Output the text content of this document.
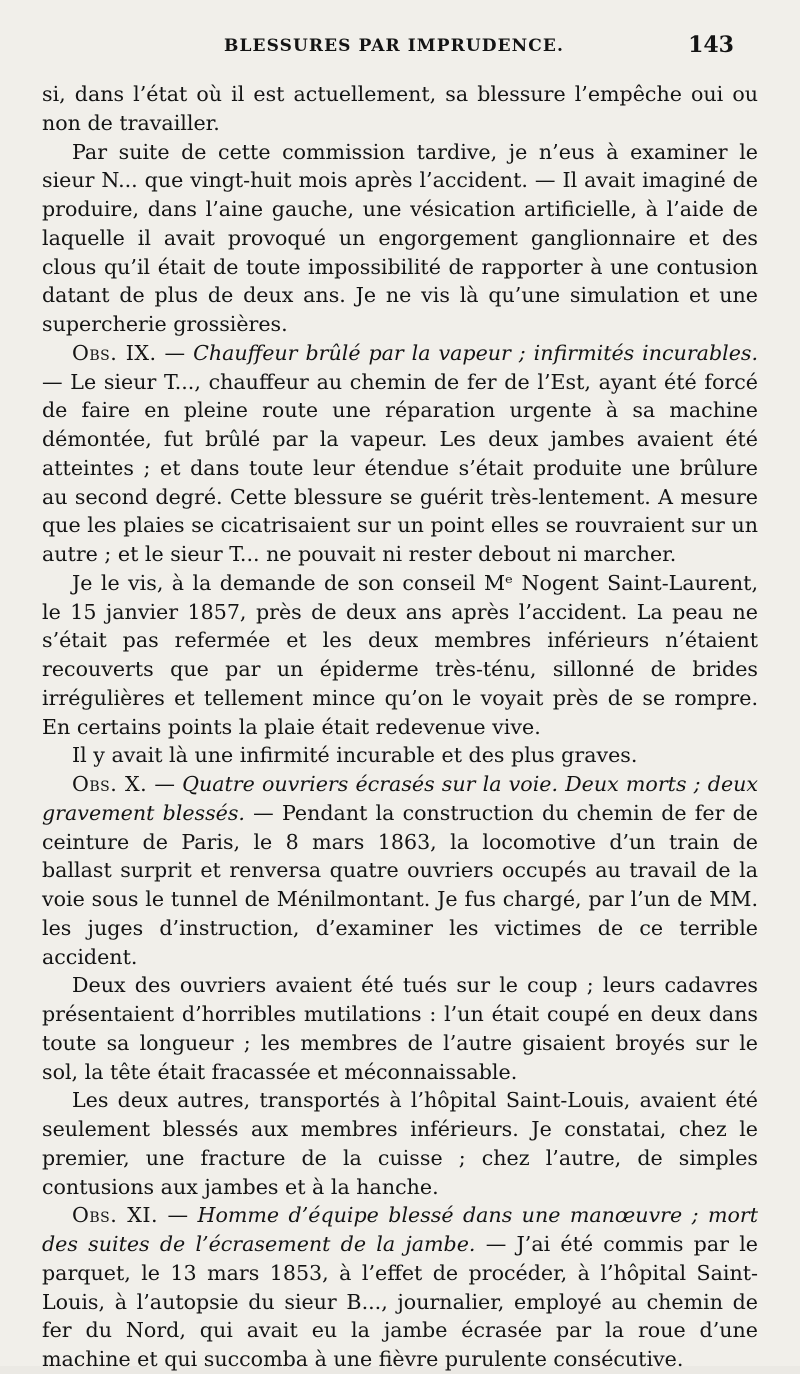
BLESSURES PAR IMPRUDENCE.	143

si, dans l’état où il est actuellement, sa blessure l’empêche oui ou non de travailler.

Par suite de cette commission tardive, je n’eus à examiner le sieur N... que vingt-huit mois après l’accident. — Il avait imaginé de produire, dans l’aine gauche, une vésication artificielle, à l’aide de laquelle il avait provoqué un engorgement ganglionnaire et des clous qu’il était de toute impossibilité de rapporter à une contusion datant de plus de deux ans. Je ne vis là qu’une simulation et une supercherie grossières.

Obs. IX. — Chauffeur brûlé par la vapeur ; infirmités incurables. — Le sieur T..., chauffeur au chemin de fer de l’Est, ayant été forcé de faire en pleine route une réparation urgente à sa machine démontée, fut brûlé par la vapeur. Les deux jambes avaient été atteintes ; et dans toute leur étendue s’était produite une brûlure au second degré. Cette blessure se guérit très-lentement. A mesure que les plaies se cicatrisaient sur un point elles se rouvraient sur un autre ; et le sieur T... ne pouvait ni rester debout ni marcher.

Je le vis, à la demande de son conseil Mᵉ Nogent Saint-Laurent, le 15 janvier 1857, près de deux ans après l’accident. La peau ne s’était pas refermée et les deux membres inférieurs n’étaient recouverts que par un épiderme très-ténu, sillonné de brides irrégulières et tellement mince qu’on le voyait près de se rompre. En certains points la plaie était redevenue vive.

Il y avait là une infirmité incurable et des plus graves.

Obs. X. — Quatre ouvriers écrasés sur la voie. Deux morts ; deux gravement blessés. — Pendant la construction du chemin de fer de ceinture de Paris, le 8 mars 1863, la locomotive d’un train de ballast surprit et renversa quatre ouvriers occupés au travail de la voie sous le tunnel de Ménilmontant. Je fus chargé, par l’un de MM. les juges d’instruction, d’examiner les victimes de ce terrible accident.

Deux des ouvriers avaient été tués sur le coup ; leurs cadavres présentaient d’horribles mutilations : l’un était coupé en deux dans toute sa longueur ; les membres de l’autre gisaient broyés sur le sol, la tête était fracassée et méconnaissable.

Les deux autres, transportés à l’hôpital Saint-Louis, avaient été seulement blessés aux membres inférieurs. Je constatai, chez le premier, une fracture de la cuisse ; chez l’autre, de simples contusions aux jambes et à la hanche.

Obs. XI. — Homme d’équipe blessé dans une manœuvre ; mort des suites de l’écrasement de la jambe. — J’ai été commis par le parquet, le 13 mars 1853, à l’effet de procéder, à l’hôpital Saint-Louis, à l’autopsie du sieur B..., journalier, employé au chemin de fer du Nord, qui avait eu la jambe écrasée par la roue d’une machine et qui succomba à une fièvre purulente consécutive.
